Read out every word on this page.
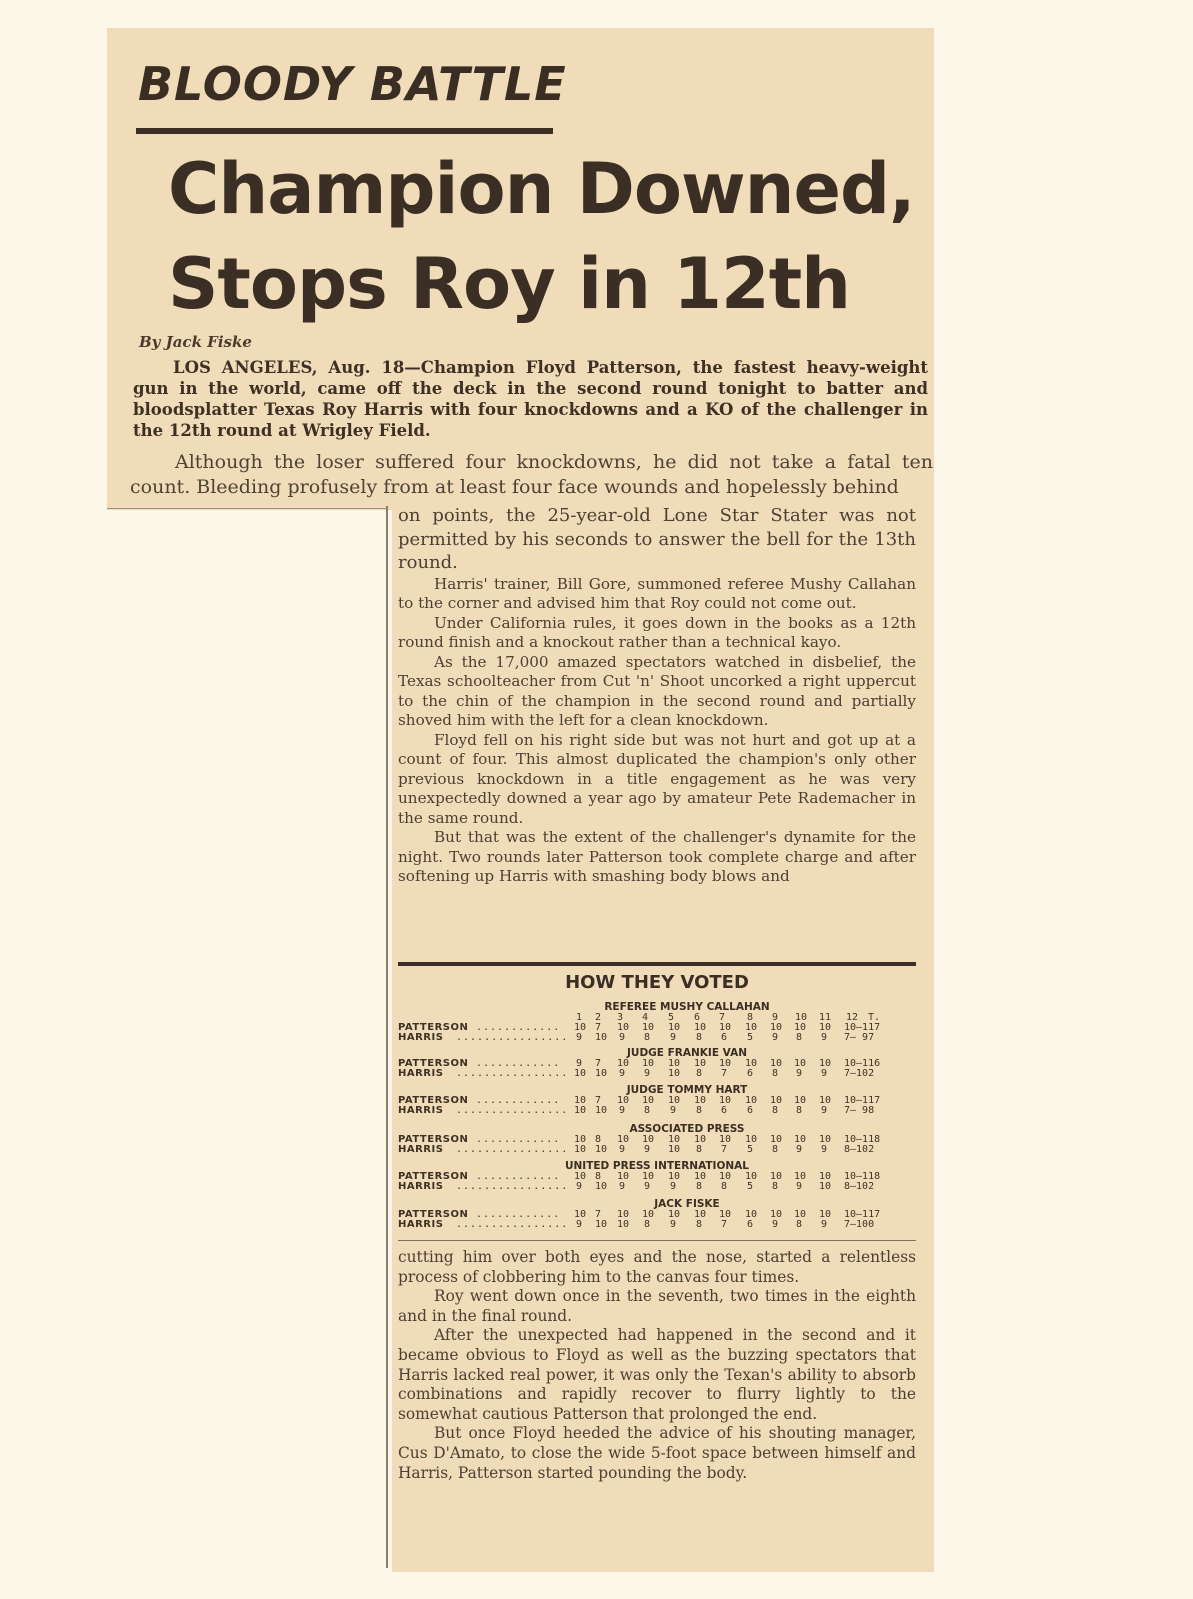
BLOODY BATTLE
Champion Downed, Stops Roy in 12th

By Jack Fiske

LOS ANGELES, Aug. 18—Champion Floyd Patterson, the fastest heavy-weight gun in the world, came off the deck in the second round tonight to batter and bloodsplatter Texas Roy Harris with four knockdowns and a KO of the challenger in the 12th round at Wrigley Field.

Although the loser suffered four knockdowns, he did not take a fatal ten count. Bleeding profusely from at least four face wounds and hopelessly behind

on points, the 25-year-old Lone Star Stater was not permitted by his seconds to answer the bell for the 13th round.

Harris' trainer, Bill Gore, summoned referee Mushy Callahan to the corner and advised him that Roy could not come out.

Under California rules, it goes down in the books as a 12th round finish and a knockout rather than a technical kayo.

As the 17,000 amazed spectators watched in disbelief, the Texas schoolteacher from Cut 'n' Shoot uncorked a right uppercut to the chin of the champion in the second round and partially shoved him with the left for a clean knockdown.

Floyd fell on his right side but was not hurt and got up at a count of four. This almost duplicated the champion's only other previous knockdown in a title engagement as he was very unexpectedly downed a year ago by amateur Pete Rademacher in the same round.

But that was the extent of the challenger's dynamite for the night. Two rounds later Patterson took complete charge and after softening up Harris with smashing body blows and

HOW THEY VOTED
REFEREE MUSHY CALLAHAN
1 2 3 4 5 6 7 8 9 10 11 12 T.
PATTERSON ............ 10 7 10 10 10 10 10 10 10 10 10 10—117
HARRIS ................ 9 10 9 8 9 8 6 5 9 8 9 7— 97
JUDGE FRANKIE VAN
PATTERSON ............ 9 7 10 10 10 10 10 10 10 10 10 10—116
HARRIS ................ 10 10 9 9 10 8 7 6 8 9 9 7—102
JUDGE TOMMY HART
PATTERSON ............ 10 7 10 10 10 10 10 10 10 10 10 10—117
HARRIS ................ 10 10 9 8 9 8 6 6 8 8 9 7— 98
ASSOCIATED PRESS
PATTERSON ............ 10 8 10 10 10 10 10 10 10 10 10 10—118
HARRIS ................ 10 10 9 9 10 8 7 5 8 9 9 8—102
UNITED PRESS INTERNATIONAL
PATTERSON ............ 10 8 10 10 10 10 10 10 10 10 10 10—118
HARRIS ................ 9 10 9 9 9 8 8 5 8 9 10 8—102
JACK FISKE
PATTERSON ............ 10 7 10 10 10 10 10 10 10 10 10 10—117
HARRIS ................ 9 10 10 8 9 8 7 6 9 8 9 7—100

cutting him over both eyes and the nose, started a relentless process of clobbering him to the canvas four times.

Roy went down once in the seventh, two times in the eighth and in the final round.

After the unexpected had happened in the second and it became obvious to Floyd as well as the buzzing spectators that Harris lacked real power, it was only the Texan's ability to absorb combinations and rapidly recover to flurry lightly to the somewhat cautious Patterson that prolonged the end.

But once Floyd heeded the advice of his shouting manager, Cus D'Amato, to close the wide 5-foot space between himself and Harris, Patterson started pounding the body.
